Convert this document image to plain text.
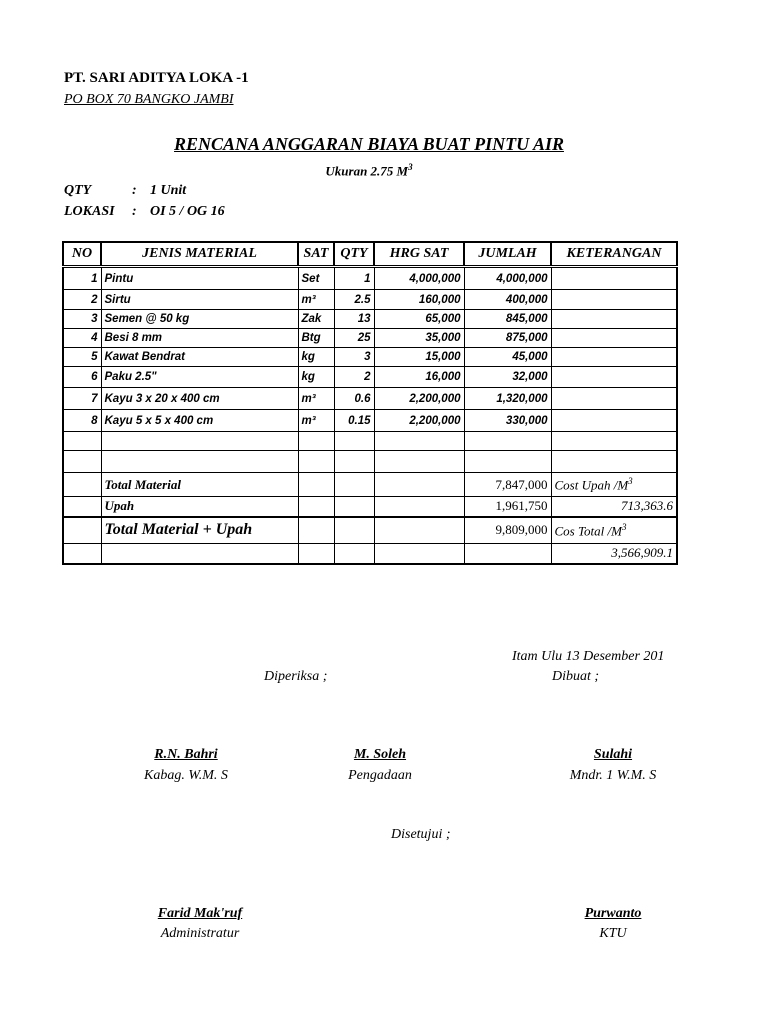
PT. SARI ADITYA LOKA -1
PO BOX 70 BANGKO JAMBI
RENCANA ANGGARAN BIAYA BUAT PINTU AIR
Ukuran 2.75 $M^3$
QTY	: 1 Unit
LOKASI : OI 5 / OG 16
NO	JENIS MATERIAL	SAT	QTY	HRG SAT	JUMLAH	KETERANGAN
1	Pintu	Set	1	4,000,000	4,000,000	
2	Sirtu	m³	2.5	160,000	400,000	
3	Semen @ 50 kg	Zak	13	65,000	845,000	
4	Besi 8 mm	Btg	25	35,000	875,000	
5	Kawat Bendrat	kg	3	15,000	45,000	
6	Paku 2.5"	kg	2	16,000	32,000	
7	Kayu 3 x 20 x 400 cm	m³	0.6	2,200,000	1,320,000	
8	Kayu 5 x 5 x 400 cm	m³	0.15	2,200,000	330,000	

	Total Material				7,847,000	Cost Upah $/M^3$
	Upah				1,961,750	713,363.6
	Total Material + Upah				9,809,000	Cos Total $/M^3$
						3,566,909.1
Itam Ulu 13 Desember 201
Diperiksa ;	Dibuat ;
R.N. Bahri
Kabag. W.M. S
M. Soleh
Pengadaan
Sulahi
Mndr. 1 W.M. S
Disetujui ;
Farid Mak'ruf
Administratur
Purwanto
KTU
